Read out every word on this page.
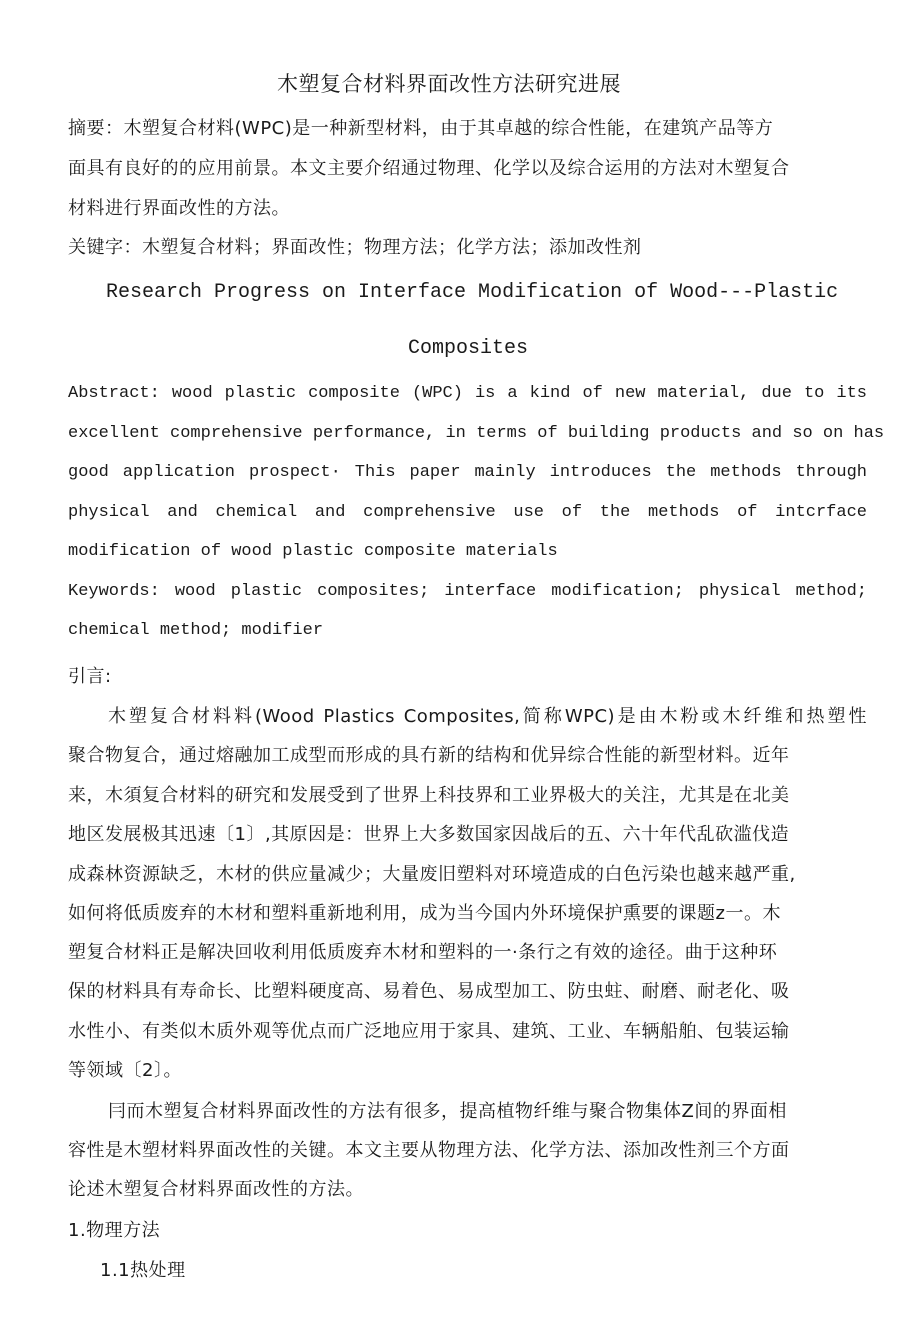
木塑复合材料界面改性方法研究进展
摘要：木塑复合材料(WPC)是一种新型材料，由于其卓越的综合性能，在建筑产品等方
面具有良好的的应用前景。本文主要介绍通过物理、化学以及综合运用的方法对木塑复合
材料进行界面改性的方法。
关键字：木塑复合材料；界面改性；物理方法；化学方法；添加改性剂
Research Progress on Interface Modification of Wood---Plastic
Composites
Abstract: wood plastic composite (WPC) is a kind of new material, due to its
excellent comprehensive performance, in terms of building products and so on has
good application prospect· This paper mainly introduces the methods through
physical and chemical and comprehensive use of the methods of intcrface
modification of wood plastic composite materials
Keywords: wood plastic composites; interface modification; physical method;
chemical method; modifier
引言:
木塑复合材料料(Wood Plastics Composites,简称WPC)是由木粉或木纤维和热塑性
聚合物复合，通过熔融加工成型而形成的具冇新的结构和优异综合性能的新型材料。近年
来，木須复合材料的研究和发展受到了世界上科技界和工业界极大的关注，尤其是在北美
地区发展极其迅速〔1〕,其原因是：世界上大多数国家因战后的五、六十年代乱砍滥伐造
成森林资源缺乏，木材的供应量减少；大量废旧塑料对环境造成的白色污染也越来越严重,
如何将低质废弃的木材和塑料重新地利用，成为当今国内外环境保护熏要的课题z一。木
塑复合材料正是解决回收利用低质废弃木材和塑料的一·条行之有效的途径。曲于这种环
保的材料具有寿命长、比塑料硬度高、易着色、易成型加工、防虫蛀、耐磨、耐老化、吸
水性小、有类似木质外观等优点而广泛地应用于家具、建筑、工业、车辆船舶、包装运输
等领域〔2〕。
冃而木塑复合材料界面改性的方法有很多，提高植物纤维与聚合物集体Z间的界面相
容性是木塑材料界面改性的关键。本文主要从物理方法、化学方法、添加改性剂三个方面
论述木塑复合材料界面改性的方法。
1.物理方法
1.1热处理
